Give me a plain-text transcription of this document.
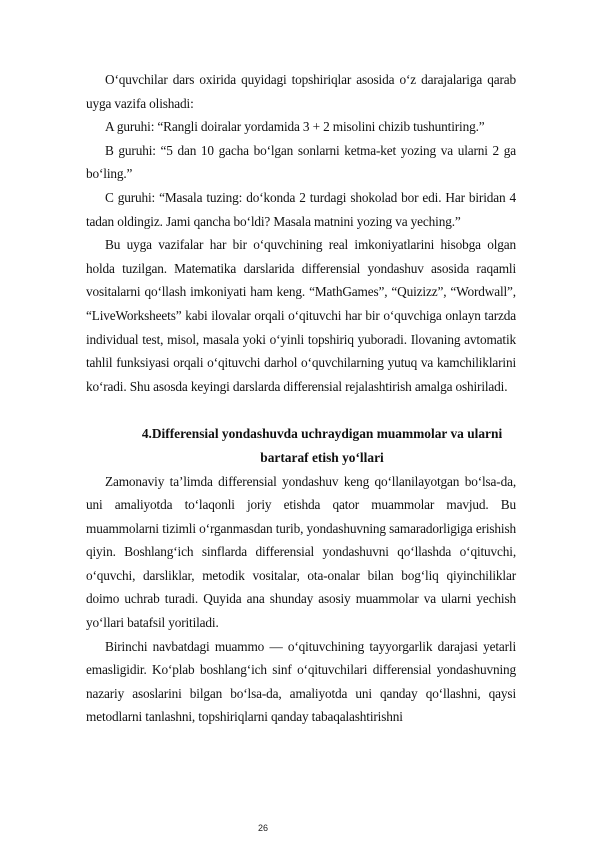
O‘quvchilar dars oxirida quyidagi topshiriqlar asosida o‘z darajalariga qarab uyga vazifa olishadi:

A guruhi: “Rangli doiralar yordamida 3 + 2 misolini chizib tushuntiring.”

B guruhi: “5 dan 10 gacha bo‘lgan sonlarni ketma-ket yozing va ularni 2 ga bo‘ling.”

C guruhi: “Masala tuzing: do‘konda 2 turdagi shokolad bor edi. Har biridan 4 tadan oldingiz. Jami qancha bo‘ldi? Masala matnini yozing va yeching.”

Bu uyga vazifalar har bir o‘quvchining real imkoniyatlarini hisobga olgan holda tuzilgan. Matematika darslarida differensial yondashuv asosida raqamli vositalarni qo‘llash imkoniyati ham keng. “MathGames”, “Quizizz”, “Wordwall”, “LiveWorksheets” kabi ilovalar orqali o‘qituvchi har bir o‘quvchiga onlayn tarzda individual test, misol, masala yoki o‘yinli topshiriq yuboradi. Ilovaning avtomatik tahlil funksiyasi orqali o‘qituvchi darhol o‘quvchilarning yutuq va kamchiliklarini ko‘radi. Shu asosda keyingi darslarda differensial rejalashtirish amalga oshiriladi.

4.Differensial yondashuvda uchraydigan muammolar va ularni

bartaraf etish yo‘llari

Zamonaviy ta’limda differensial yondashuv keng qo‘llanilayotgan bo‘lsa-da, uni amaliyotda to‘laqonli joriy etishda qator muammolar mavjud. Bu muammolarni tizimli o‘rganmasdan turib, yondashuvning samaradorligiga erishish qiyin. Boshlang‘ich sinflarda differensial yondashuvni qo‘llashda o‘qituvchi, o‘quvchi, darsliklar, metodik vositalar, ota-onalar bilan bog‘liq qiyinchiliklar doimo uchrab turadi. Quyida ana shunday asosiy muammolar va ularni yechish yo‘llari batafsil yoritiladi.

Birinchi navbatdagi muammo — o‘qituvchining tayyorgarlik darajasi yetarli emasligidir. Ko‘plab boshlang‘ich sinf o‘qituvchilari differensial yondashuvning nazariy asoslarini bilgan bo‘lsa-da, amaliyotda uni qanday qo‘llashni, qaysi metodlarni tanlashni, topshiriqlarni qanday tabaqalashtirishni

26
